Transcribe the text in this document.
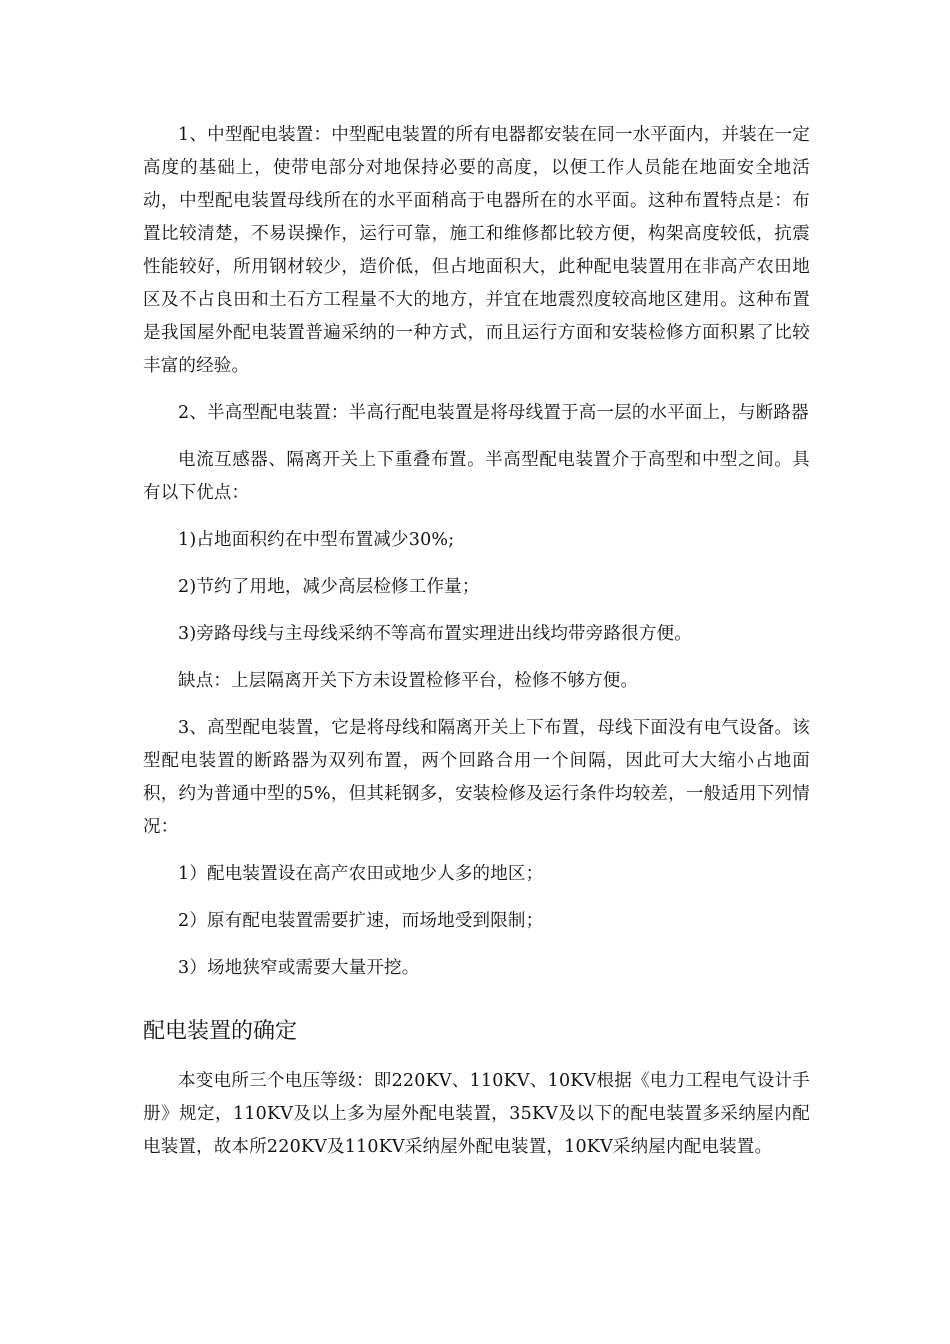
1、中型配电装置：中型配电装置的所有电器都安装在同一水平面内，并装在一定高度的基础上，使带电部分对地保持必要的高度，以便工作人员能在地面安全地活动，中型配电装置母线所在的水平面稍高于电器所在的水平面。这种布置特点是：布置比较清楚，不易误操作，运行可靠，施工和维修都比较方便，构架高度较低，抗震性能较好，所用钢材较少，造价低，但占地面积大，此种配电装置用在非高产农田地区及不占良田和土石方工程量不大的地方，并宜在地震烈度较高地区建用。这种布置是我国屋外配电装置普遍采纳的一种方式，而且运行方面和安装检修方面积累了比较丰富的经验。

2、半高型配电装置：半高行配电装置是将母线置于高一层的水平面上，与断路器

电流互感器、隔离开关上下重叠布置。半高型配电装置介于高型和中型之间。具有以下优点：

1)占地面积约在中型布置减少30%;

2)节约了用地，减少高层检修工作量；

3)旁路母线与主母线采纳不等高布置实理进出线均带旁路很方便。

缺点：上层隔离开关下方未设置检修平台，检修不够方便。

3、高型配电装置，它是将母线和隔离开关上下布置，母线下面没有电气设备。该型配电装置的断路器为双列布置，两个回路合用一个间隔，因此可大大缩小占地面积，约为普通中型的5%，但其耗钢多，安装检修及运行条件均较差，一般适用下列情况：

1）配电装置设在高产农田或地少人多的地区；

2）原有配电装置需要扩速，而场地受到限制；

3）场地狭窄或需要大量开挖。

配电装置的确定

本变电所三个电压等级：即220KV、110KV、10KV根据《电力工程电气设计手册》规定，110KV及以上多为屋外配电装置，35KV及以下的配电装置多采纳屋内配电装置，故本所220KV及110KV采纳屋外配电装置，10KV采纳屋内配电装置。
